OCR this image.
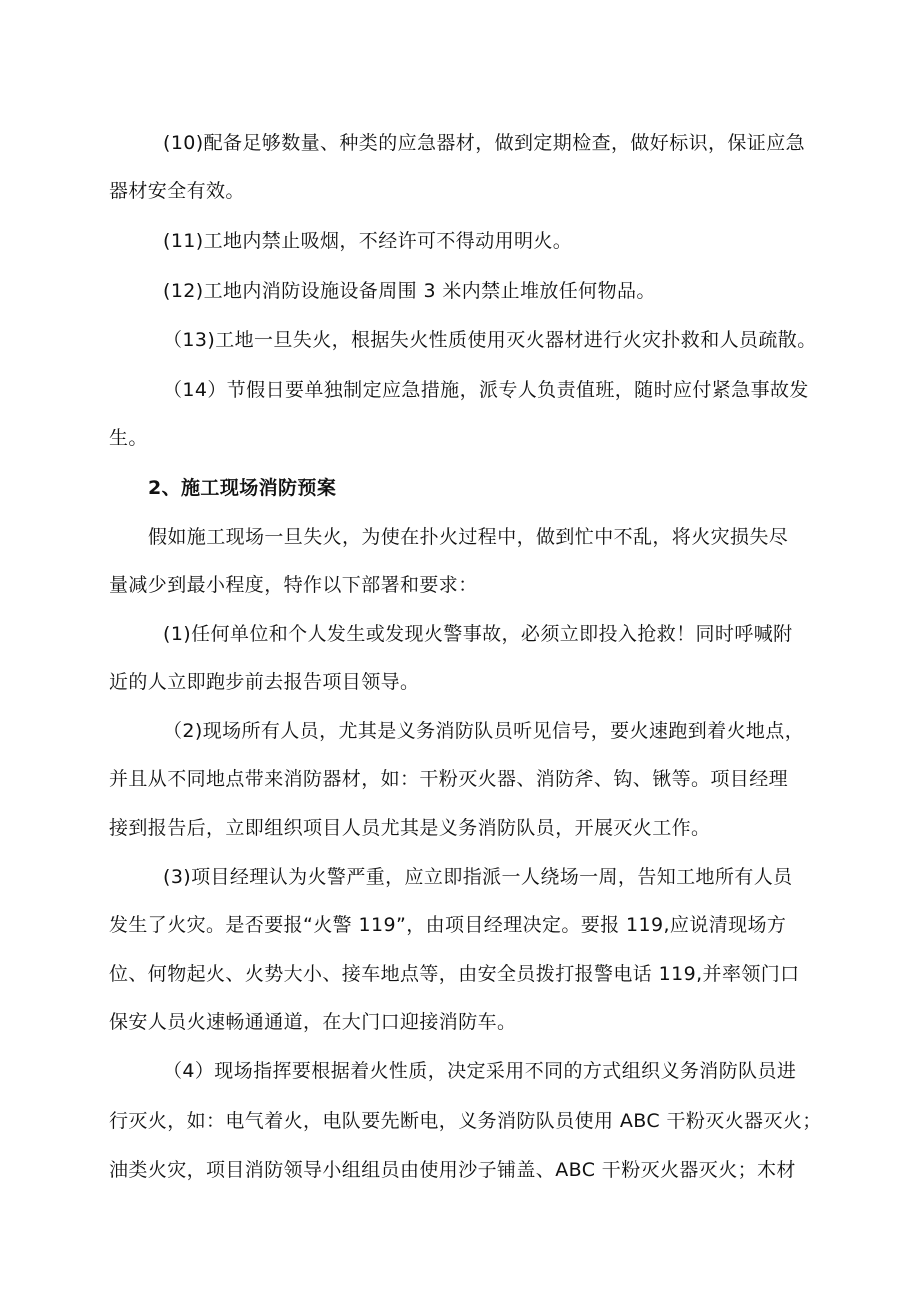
(10)配备足够数量、种类的应急器材，做到定期检查，做好标识，保证应急
器材安全有效。
(11)工地内禁止吸烟，不经许可不得动用明火。
(12)工地内消防设施设备周围 3 米内禁止堆放任何物品。
（13)工地一旦失火，根据失火性质使用灭火器材进行火灾扑救和人员疏散。
（14）节假日要单独制定应急措施，派专人负责值班，随时应付紧急事故发
生。
2、施工现场消防预案
假如施工现场一旦失火，为使在扑火过程中，做到忙中不乱，将火灾损失尽
量减少到最小程度，特作以下部署和要求：
(1)任何单位和个人发生或发现火警事故，必须立即投入抢救！同时呼喊附
近的人立即跑步前去报告项目领导。
（2)现场所有人员，尤其是义务消防队员听见信号，要火速跑到着火地点，
并且从不同地点带来消防器材，如：干粉灭火器、消防斧、钩、锹等。项目经理
接到报告后，立即组织项目人员尤其是义务消防队员，开展灭火工作。
(3)项目经理认为火警严重，应立即指派一人绕场一周，告知工地所有人员
发生了火灾。是否要报“火警 119”，由项目经理决定。要报 119,应说清现场方
位、何物起火、火势大小、接车地点等，由安全员拨打报警电话 119,并率领门口
保安人员火速畅通通道，在大门口迎接消防车。
（4）现场指挥要根据着火性质，决定采用不同的方式组织义务消防队员进
行灭火，如：电气着火，电队要先断电，义务消防队员使用 ABC 干粉灭火器灭火；
油类火灾，项目消防领导小组组员由使用沙子铺盖、ABC 干粉灭火器灭火；木材
